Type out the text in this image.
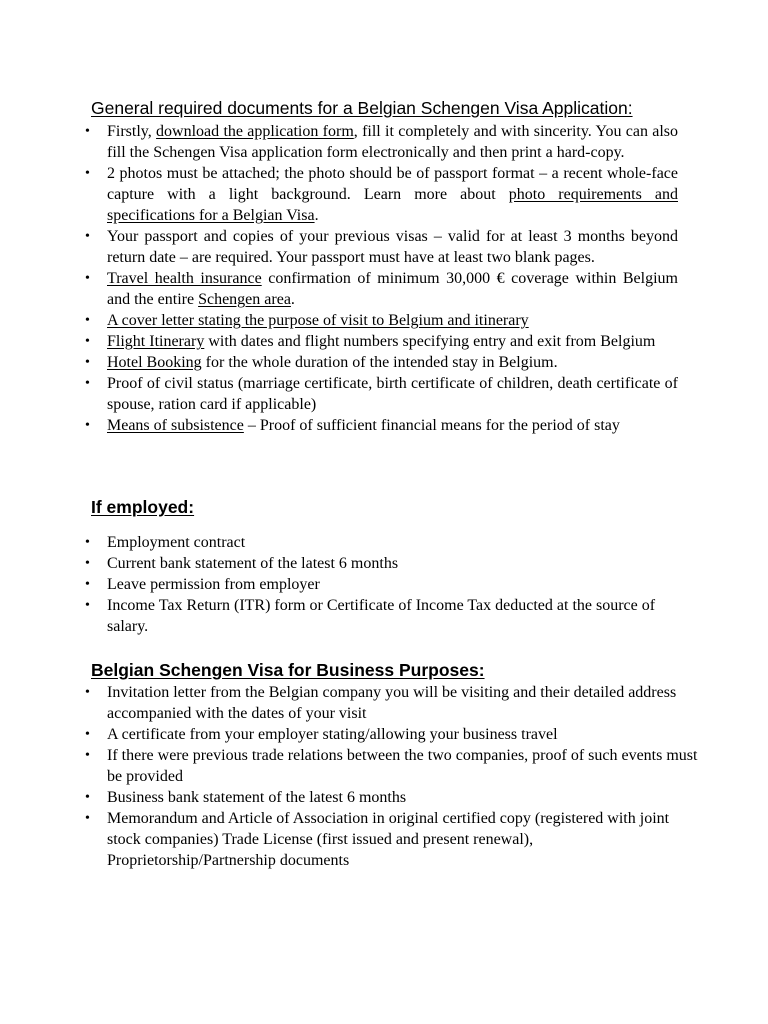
General required documents for a Belgian Schengen Visa Application:
• Firstly, download the application form, fill it completely and with sincerity. You can also fill the Schengen Visa application form electronically and then print a hard-copy.
• 2 photos must be attached; the photo should be of passport format – a recent whole-face capture with a light background. Learn more about photo requirements and specifications for a Belgian Visa.
• Your passport and copies of your previous visas – valid for at least 3 months beyond return date – are required. Your passport must have at least two blank pages.
• Travel health insurance confirmation of minimum 30,000 € coverage within Belgium and the entire Schengen area.
• A cover letter stating the purpose of visit to Belgium and itinerary
• Flight Itinerary with dates and flight numbers specifying entry and exit from Belgium
• Hotel Booking for the whole duration of the intended stay in Belgium.
• Proof of civil status (marriage certificate, birth certificate of children, death certificate of spouse, ration card if applicable)
• Means of subsistence – Proof of sufficient financial means for the period of stay
If employed:
• Employment contract
• Current bank statement of the latest 6 months
• Leave permission from employer
• Income Tax Return (ITR) form or Certificate of Income Tax deducted at the source of salary.
Belgian Schengen Visa for Business Purposes:
• Invitation letter from the Belgian company you will be visiting and their detailed address accompanied with the dates of your visit
• A certificate from your employer stating/allowing your business travel
• If there were previous trade relations between the two companies, proof of such events must be provided
• Business bank statement of the latest 6 months
• Memorandum and Article of Association in original certified copy (registered with joint stock companies) Trade License (first issued and present renewal), Proprietorship/Partnership documents
